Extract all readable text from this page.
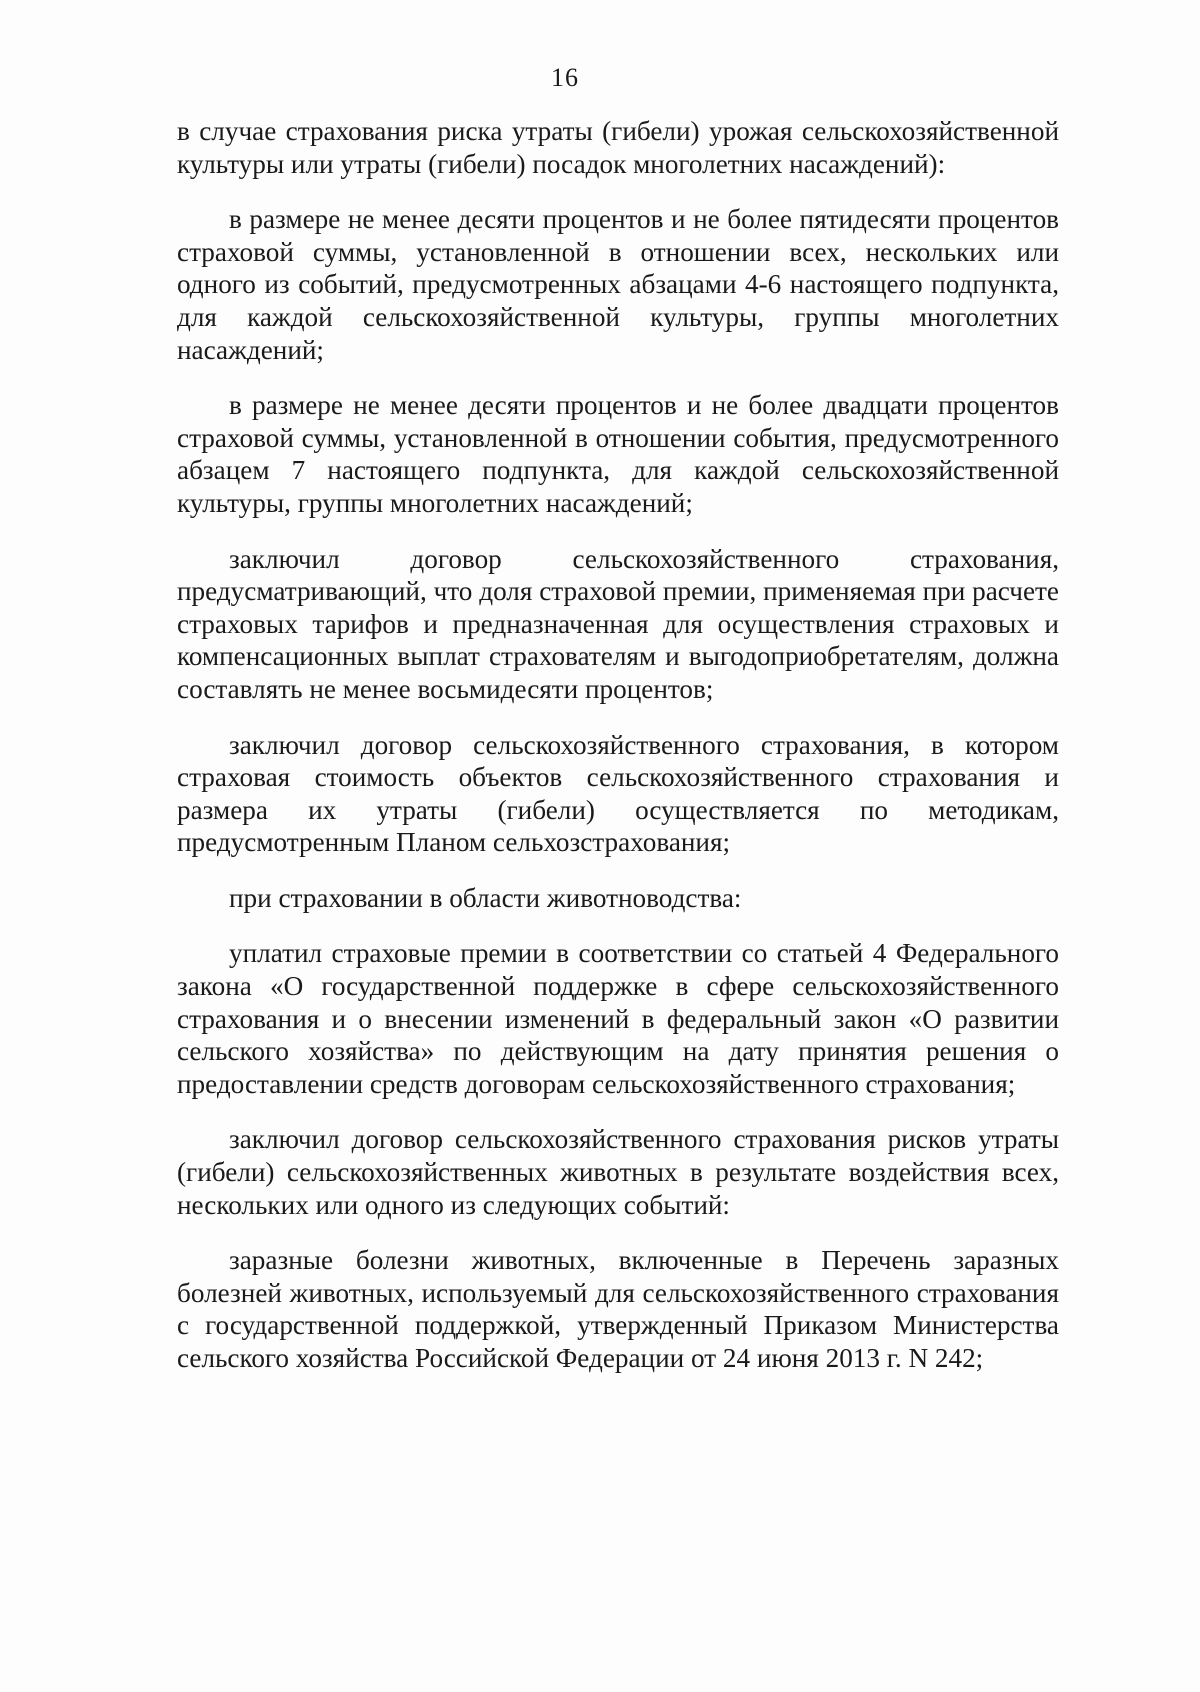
16

в случае страхования риска утраты (гибели) урожая сельскохозяйственной культуры или утраты (гибели) посадок многолетних насаждений):

в размере не менее десяти процентов и не более пятидесяти процентов страховой суммы, установленной в отношении всех, нескольких или одного из событий, предусмотренных абзацами 4-6 настоящего подпункта, для каждой сельскохозяйственной культуры, группы многолетних насаждений;

в размере не менее десяти процентов и не более двадцати процентов страховой суммы, установленной в отношении события, предусмотренного абзацем 7 настоящего подпункта, для каждой сельскохозяйственной культуры, группы многолетних насаждений;

заключил договор сельскохозяйственного страхования, предусматривающий, что доля страховой премии, применяемая при расчете страховых тарифов и предназначенная для осуществления страховых и компенсационных выплат страхователям и выгодоприобретателям, должна составлять не менее восьмидесяти процентов;

заключил договор сельскохозяйственного страхования, в котором страховая стоимость объектов сельскохозяйственного страхования и размера их утраты (гибели) осуществляется по методикам, предусмотренным Планом сельхозстрахования;

при страховании в области животноводства:

уплатил страховые премии в соответствии со статьей 4 Федерального закона «О государственной поддержке в сфере сельскохозяйственного страхования и о внесении изменений в федеральный закон «О развитии сельского хозяйства» по действующим на дату принятия решения о предоставлении средств договорам сельскохозяйственного страхования;

заключил договор сельскохозяйственного страхования рисков утраты (гибели) сельскохозяйственных животных в результате воздействия всех, нескольких или одного из следующих событий:

заразные болезни животных, включенные в Перечень заразных болезней животных, используемый для сельскохозяйственного страхования с государственной поддержкой, утвержденный Приказом Министерства сельского хозяйства Российской Федерации от 24 июня 2013 г. N 242;
